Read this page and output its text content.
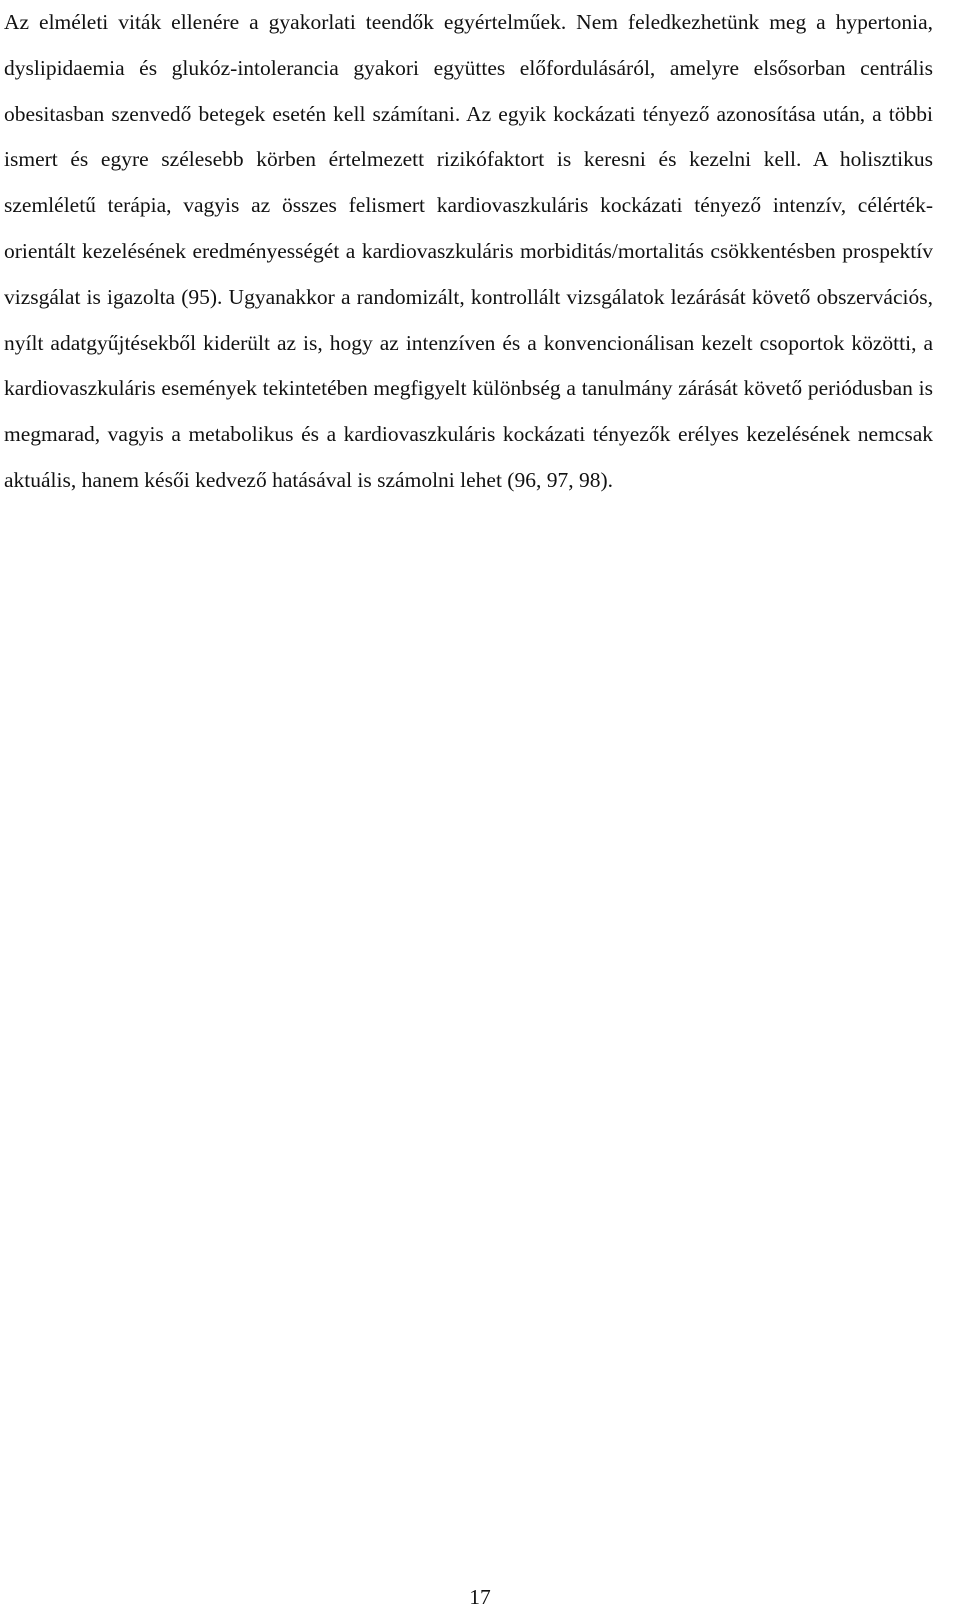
Az elméleti viták ellenére a gyakorlati teendők egyértelműek. Nem feledkezhetünk meg a hypertonia, dyslipidaemia és glukóz-intolerancia gyakori együttes előfordulásáról, amelyre elsősorban centrális obesitasban szenvedő betegek esetén kell számítani. Az egyik kockázati tényező azonosítása után, a többi ismert és egyre szélesebb körben értelmezett rizikófaktort is keresni és kezelni kell. A holisztikus szemléletű terápia, vagyis az összes felismert kardiovaszkuláris kockázati tényező intenzív, célérték-orientált kezelésének eredményességét a kardiovaszkuláris morbiditás/mortalitás csökkentésben prospektív vizsgálat is igazolta (95). Ugyanakkor a randomizált, kontrollált vizsgálatok lezárását követő obszervációs, nyílt adatgyűjtésekből kiderült az is, hogy az intenzíven és a konvencionálisan kezelt csoportok közötti, a kardiovaszkuláris események tekintetében megfigyelt különbség a tanulmány zárását követő periódusban is megmarad, vagyis a metabolikus és a kardiovaszkuláris kockázati tényezők erélyes kezelésének nemcsak aktuális, hanem késői kedvező hatásával is számolni lehet (96, 97, 98).

17
